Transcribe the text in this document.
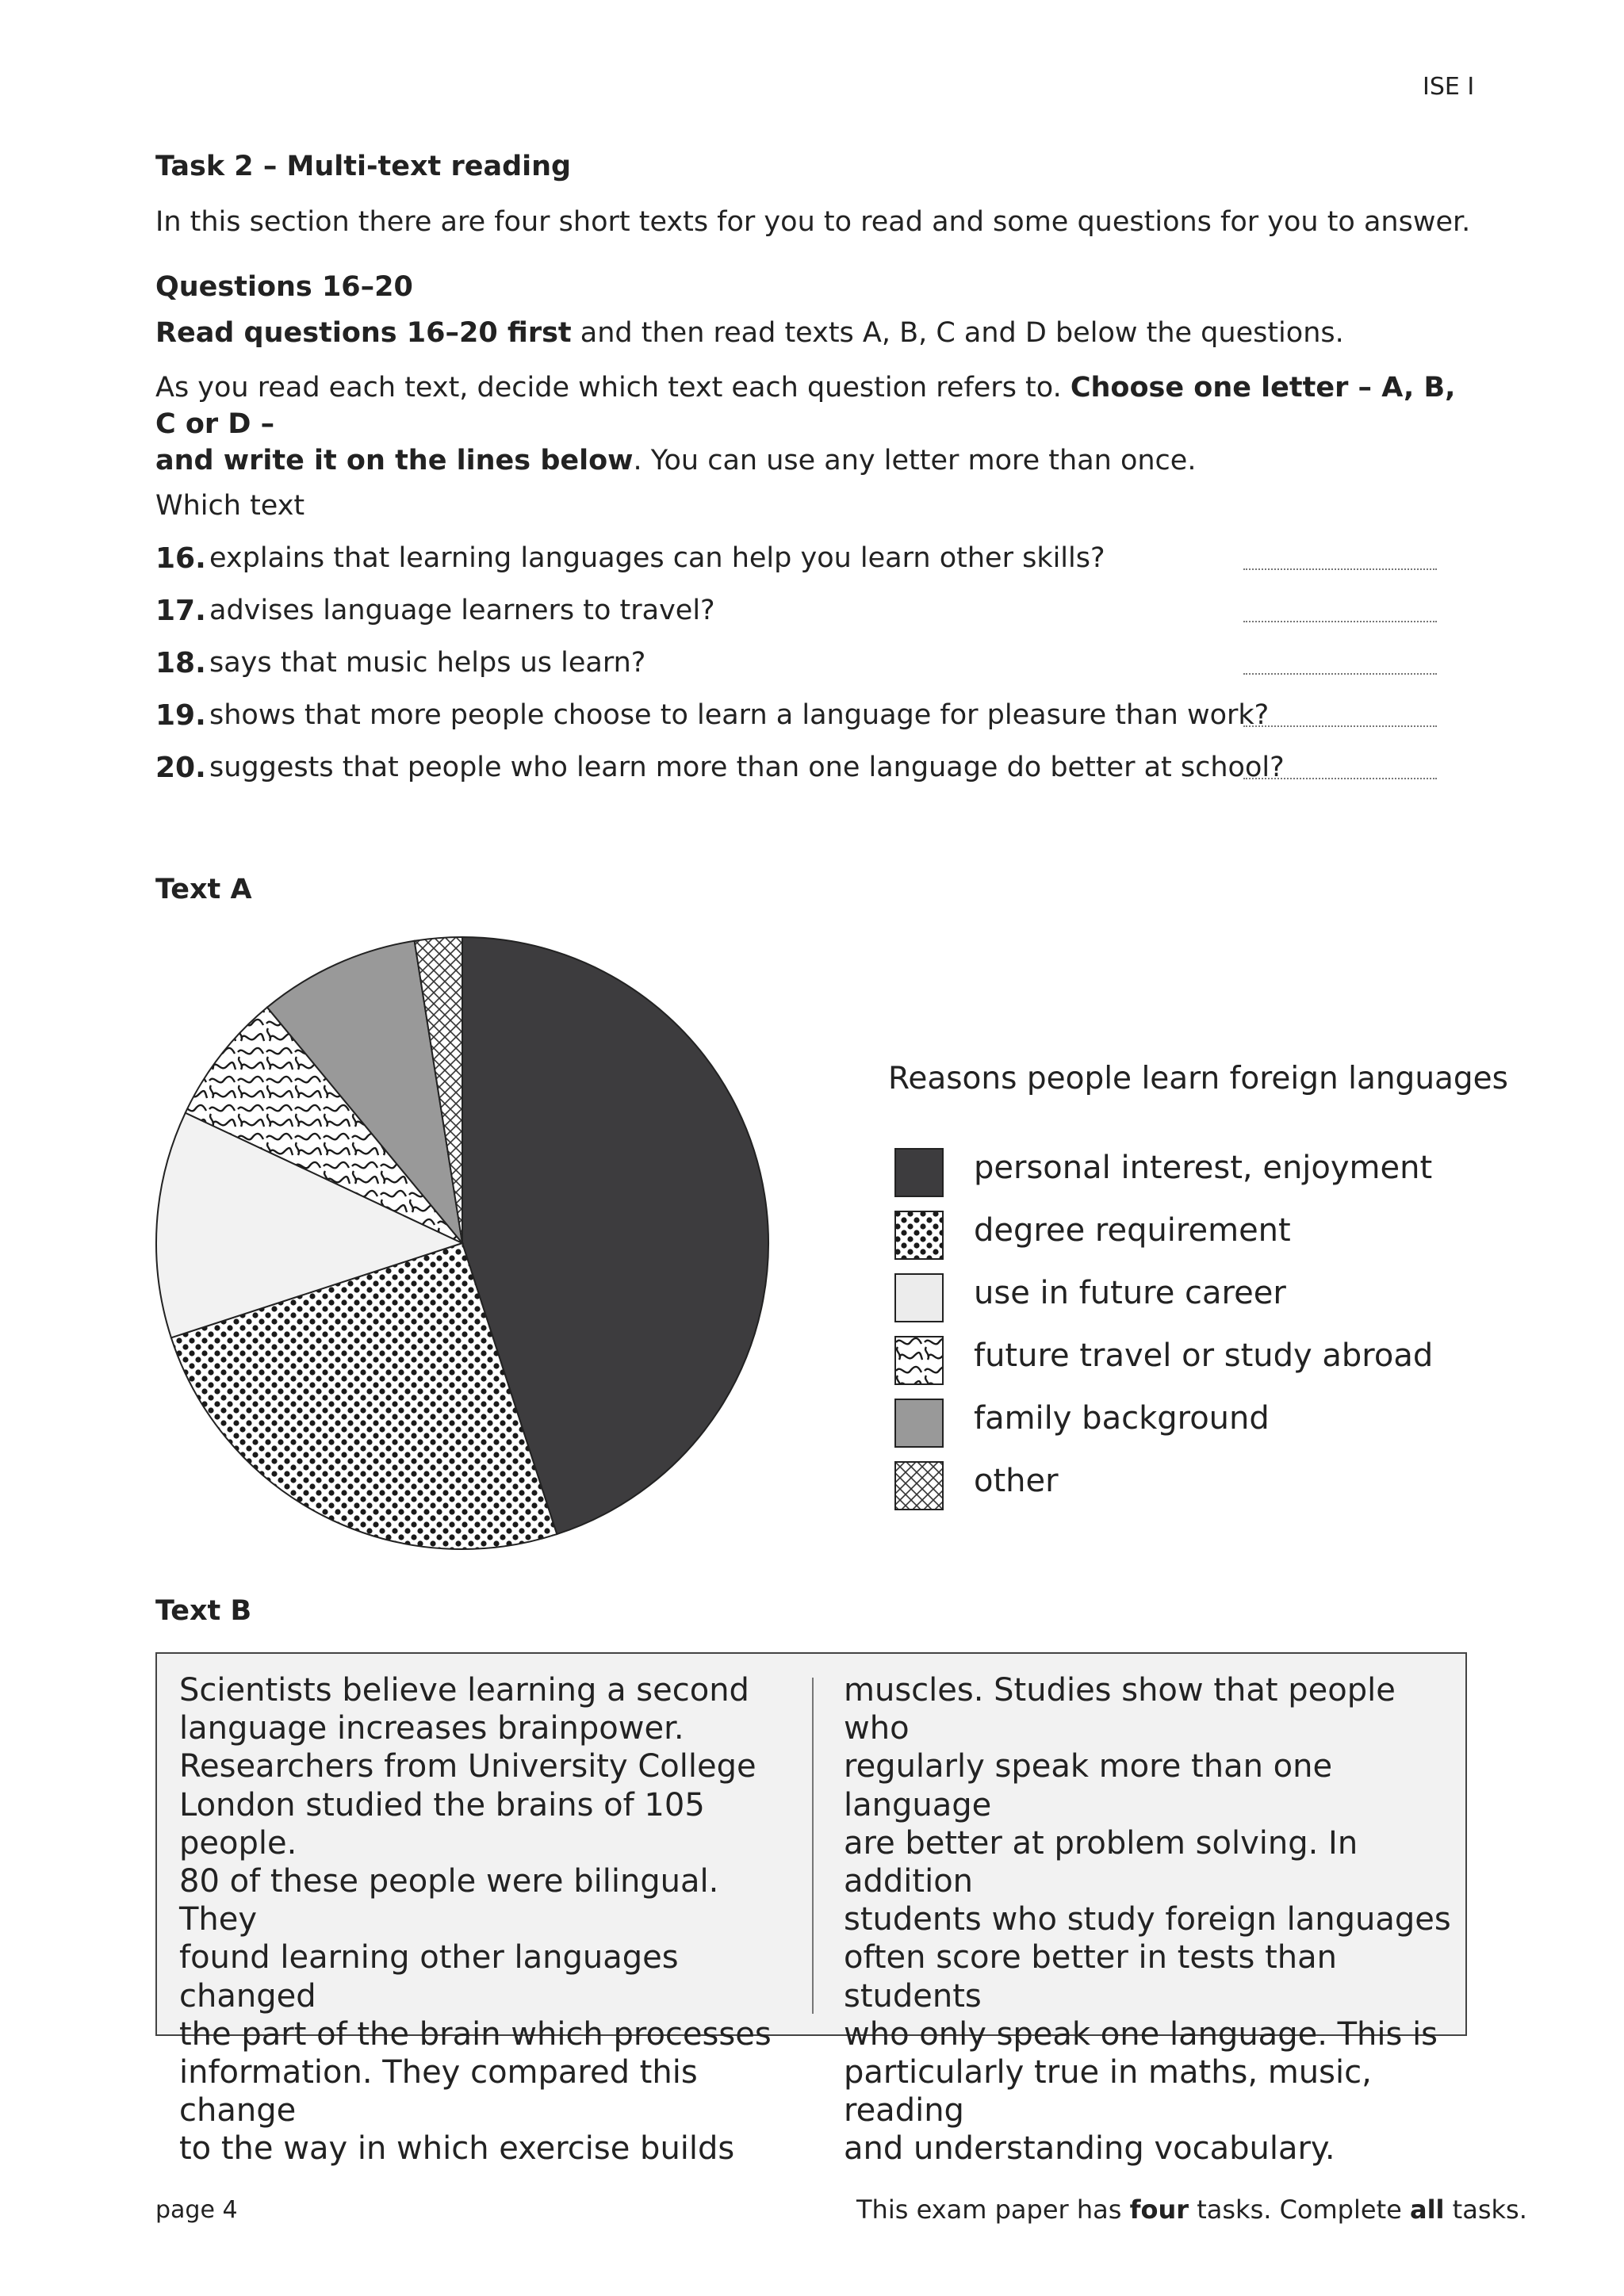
ISE I
Task 2 – Multi-text reading
In this section there are four short texts for you to read and some questions for you to answer.
Questions 16–20
Read questions 16–20 first and then read texts A, B, C and D below the questions.
As you read each text, decide which text each question refers to. Choose one letter – A, B, C or D –
and write it on the lines below. You can use any letter more than once.
Which text
16. explains that learning languages can help you learn other skills?
17. advises language learners to travel?
18. says that music helps us learn?
19. shows that more people choose to learn a language for pleasure than work?
20. suggests that people who learn more than one language do better at school?
Text A
Reasons people learn foreign languages
personal interest, enjoyment
degree requirement
use in future career
future travel or study abroad
family background
other
Text B
Scientists believe learning a second
language increases brainpower.
Researchers from University College
London studied the brains of 105 people.
80 of these people were bilingual. They
found learning other languages changed
the part of the brain which processes
information. They compared this change
to the way in which exercise builds
muscles. Studies show that people who
regularly speak more than one language
are better at problem solving. In addition
students who study foreign languages
often score better in tests than students
who only speak one language. This is
particularly true in maths, music, reading
and understanding vocabulary.
page 4	This exam paper has four tasks. Complete all tasks.
